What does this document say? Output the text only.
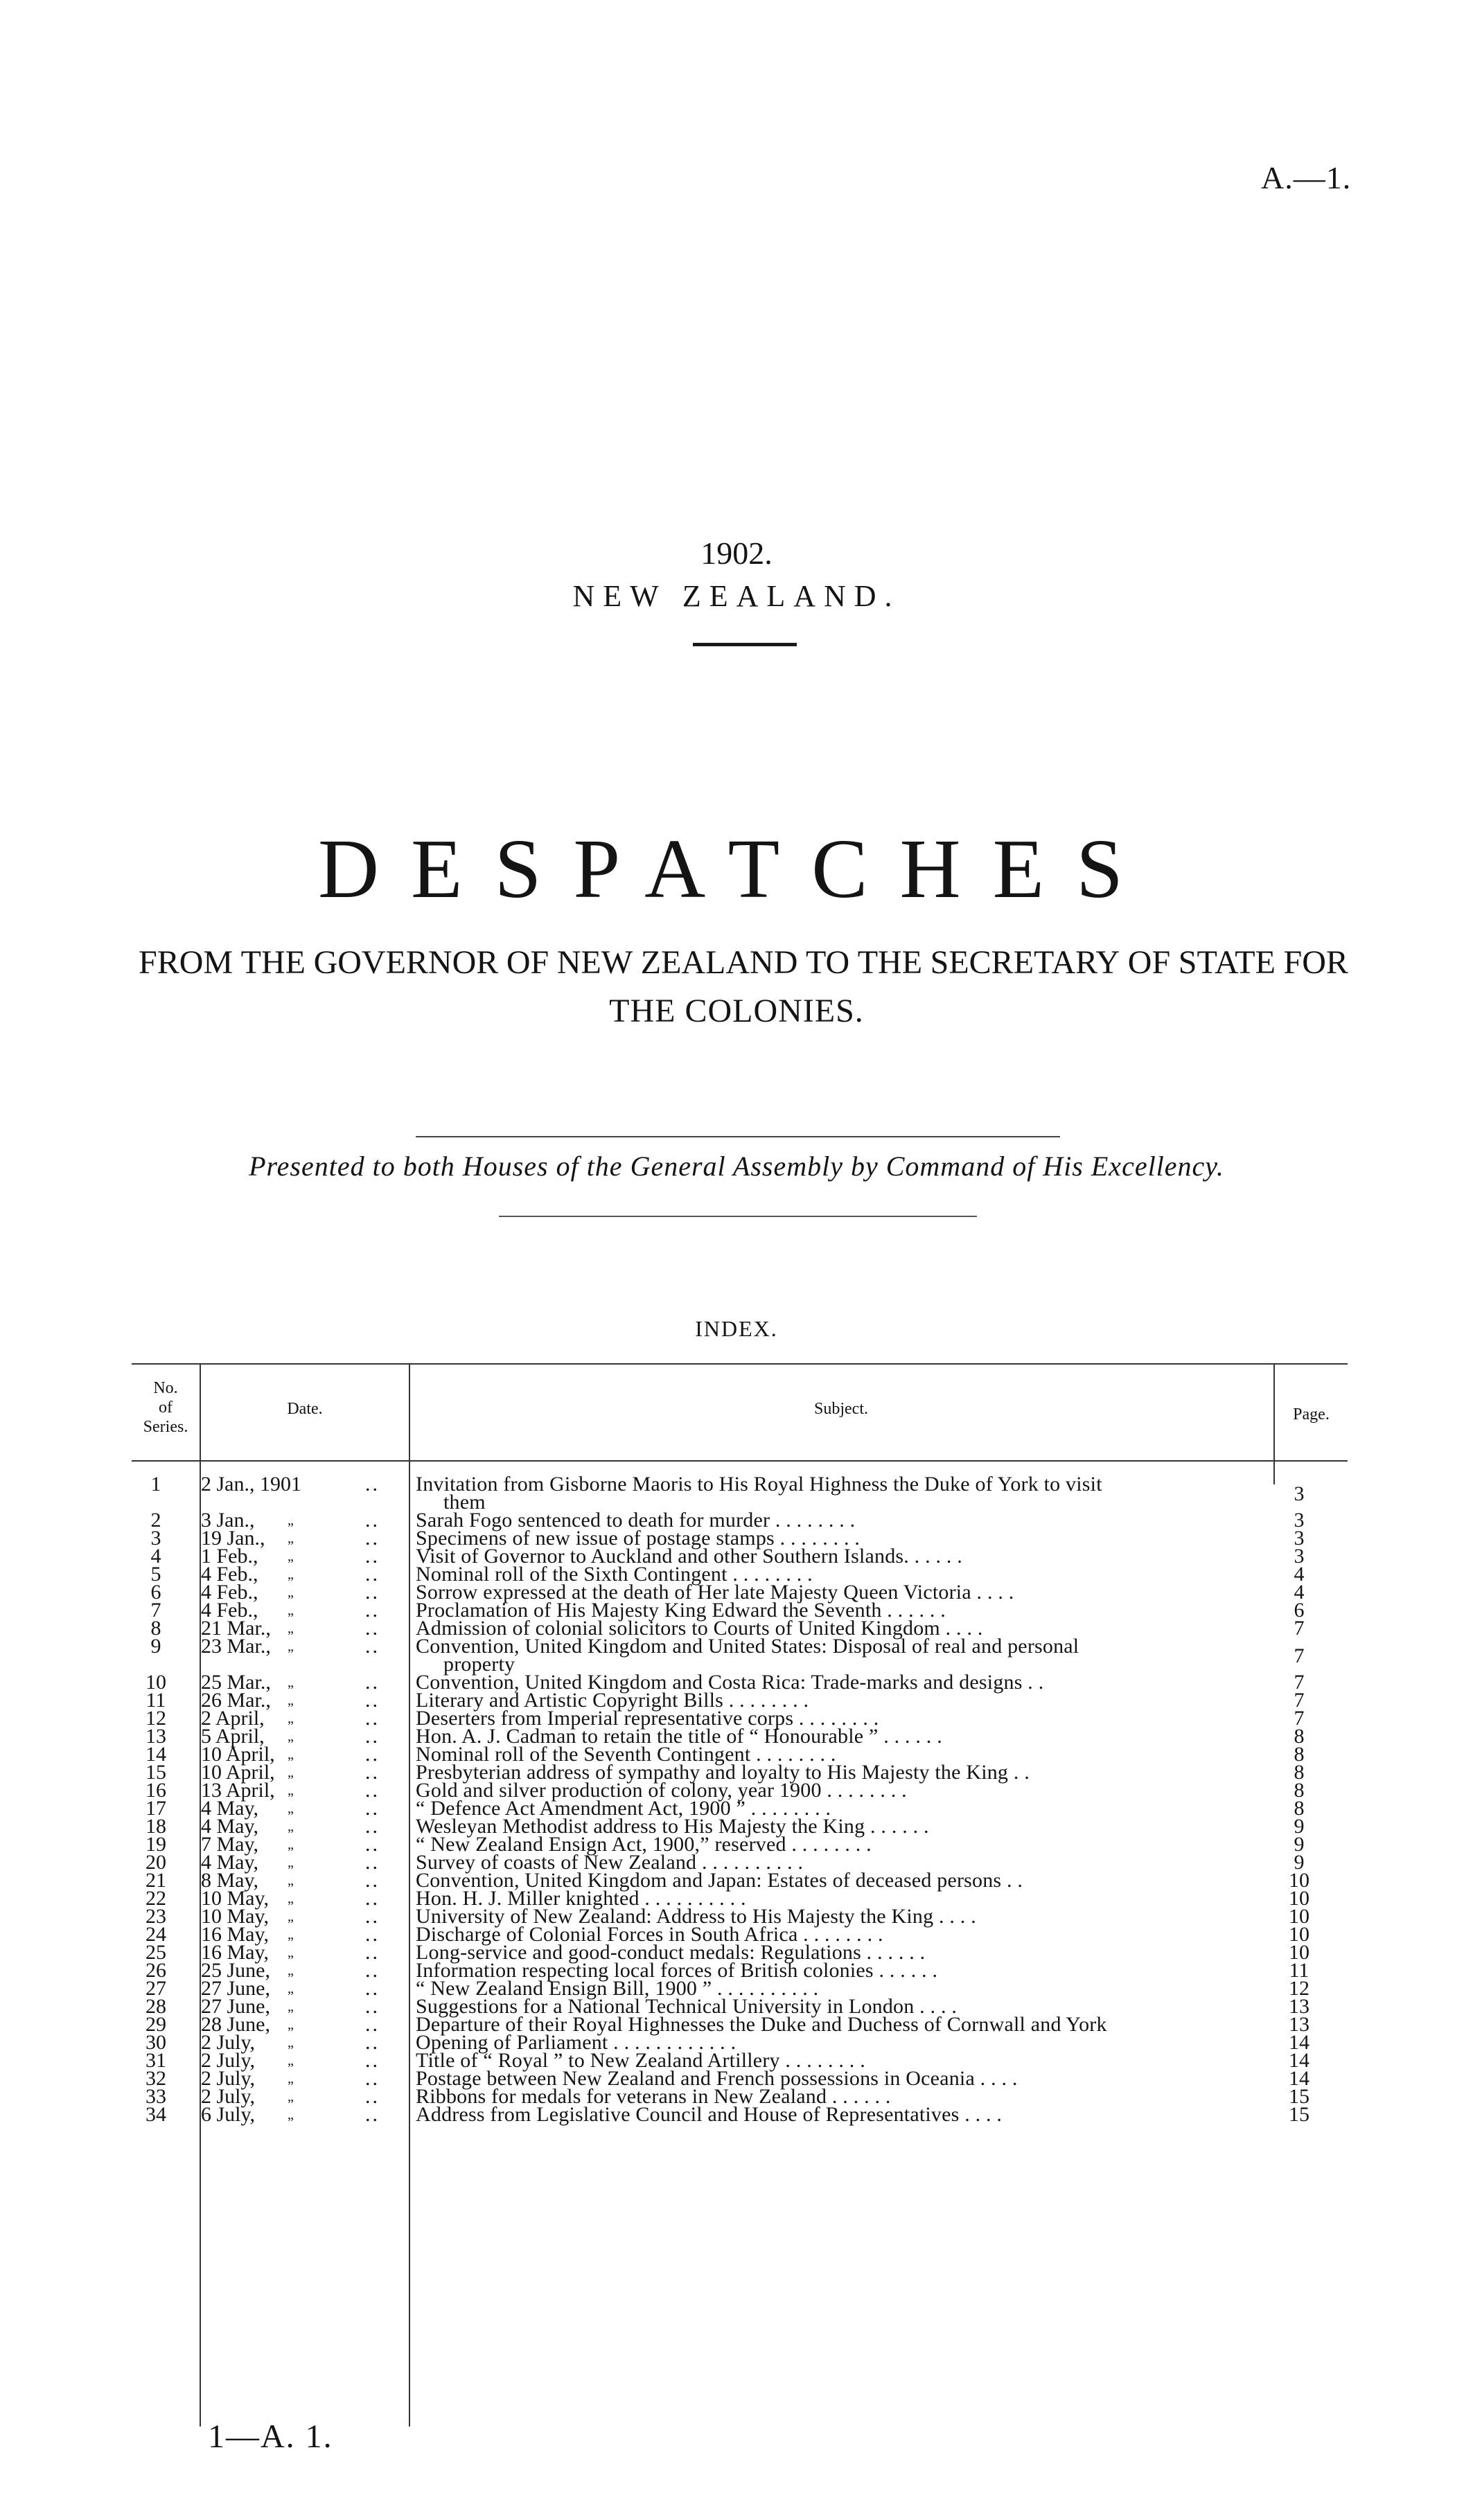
A.—1.
1902.
NEW ZEALAND.
DESPATCHES
FROM THE GOVERNOR OF NEW ZEALAND TO THE SECRETARY OF STATE FOR
THE COLONIES.
Presented to both Houses of the General Assembly by Command of His Excellency.
INDEX.
No.
of
Series.
Date.	Subject.	Page.
1	2 Jan., 1901	.. Invitation from Gisborne Maoris to His Royal Highness the Duke of York to visit	3
them
2	3 Jan.,	„	.. Sarah Fogo sentenced to death for murder . . . . . . . .	3
3	19 Jan.,	„	.. Specimens of new issue of postage stamps . . . . . . . .	3
4	1 Feb.,	„	.. Visit of Governor to Auckland and other Southern Islands. . . . . .	3
5	4 Feb.,	„	.. Nominal roll of the Sixth Contingent . . . . . . . .	4
6	4 Feb.,	„	.. Sorrow expressed at the death of Her late Majesty Queen Victoria . . . .	4
7	4 Feb.,	„	.. Proclamation of His Majesty King Edward the Seventh . . . . . .	6
8	21 Mar.,	„	.. Admission of colonial solicitors to Courts of United Kingdom . . . .	7
9	23 Mar.,	„	.. Convention, United Kingdom and United States: Disposal of real and personal	7
property
10	25 Mar.,	„	.. Convention, United Kingdom and Costa Rica: Trade-marks and designs . .	7
11	26 Mar.,	„	.. Literary and Artistic Copyright Bills . . . . . . . .	7
12	2 April,	„	.. Deserters from Imperial representative corps . . . . . . . .	7
13	5 April,	„	.. Hon. A. J. Cadman to retain the title of “ Honourable ” . . . . . .	8
14	10 April, „	.. Nominal roll of the Seventh Contingent . . . . . . . .	8
15	10 April, „	.. Presbyterian address of sympathy and loyalty to His Majesty the King . .	8
16	13 April, „	.. Gold and silver production of colony, year 1900 . . . . . . . .	8
17	4 May,	„	.. “ Defence Act Amendment Act, 1900 ” . . . . . . . .	8
18	4 May,	„	.. Wesleyan Methodist address to His Majesty the King . . . . . .	9
19	7 May,	„	.. “ New Zealand Ensign Act, 1900,” reserved . . . . . . . .	9
20	4 May,	„	.. Survey of coasts of New Zealand . . . . . . . . . .	9
21	8 May,	„	.. Convention, United Kingdom and Japan: Estates of deceased persons . .	10
22	10 May,	„	.. Hon. H. J. Miller knighted . . . . . . . . . .	10
23	10 May,	„	.. University of New Zealand: Address to His Majesty the King . . . .	10
24	16 May,	„	.. Discharge of Colonial Forces in South Africa . . . . . . . .	10
25	16 May,	„	.. Long-service and good-conduct medals: Regulations . . . . . .	10
26	25 June,	„	.. Information respecting local forces of British colonies . . . . . .	11
27	27 June,	„	.. “ New Zealand Ensign Bill, 1900 ” . . . . . . . . . .	12
28	27 June,	„	.. Suggestions for a National Technical University in London . . . .	13
29	28 June,	„	.. Departure of their Royal Highnesses the Duke and Duchess of Cornwall and York	13
30	2 July,	„	.. Opening of Parliament . . . . . . . . . . . .	14
31	2 July,	„	.. Title of “ Royal ” to New Zealand Artillery . . . . . . . .	14
32	2 July,	„	.. Postage between New Zealand and French possessions in Oceania . . . .	14
33	2 July,	„	.. Ribbons for medals for veterans in New Zealand . . . . . .	15
34	6 July,	„	.. Address from Legislative Council and House of Representatives . . . .	15
1—A. 1.
